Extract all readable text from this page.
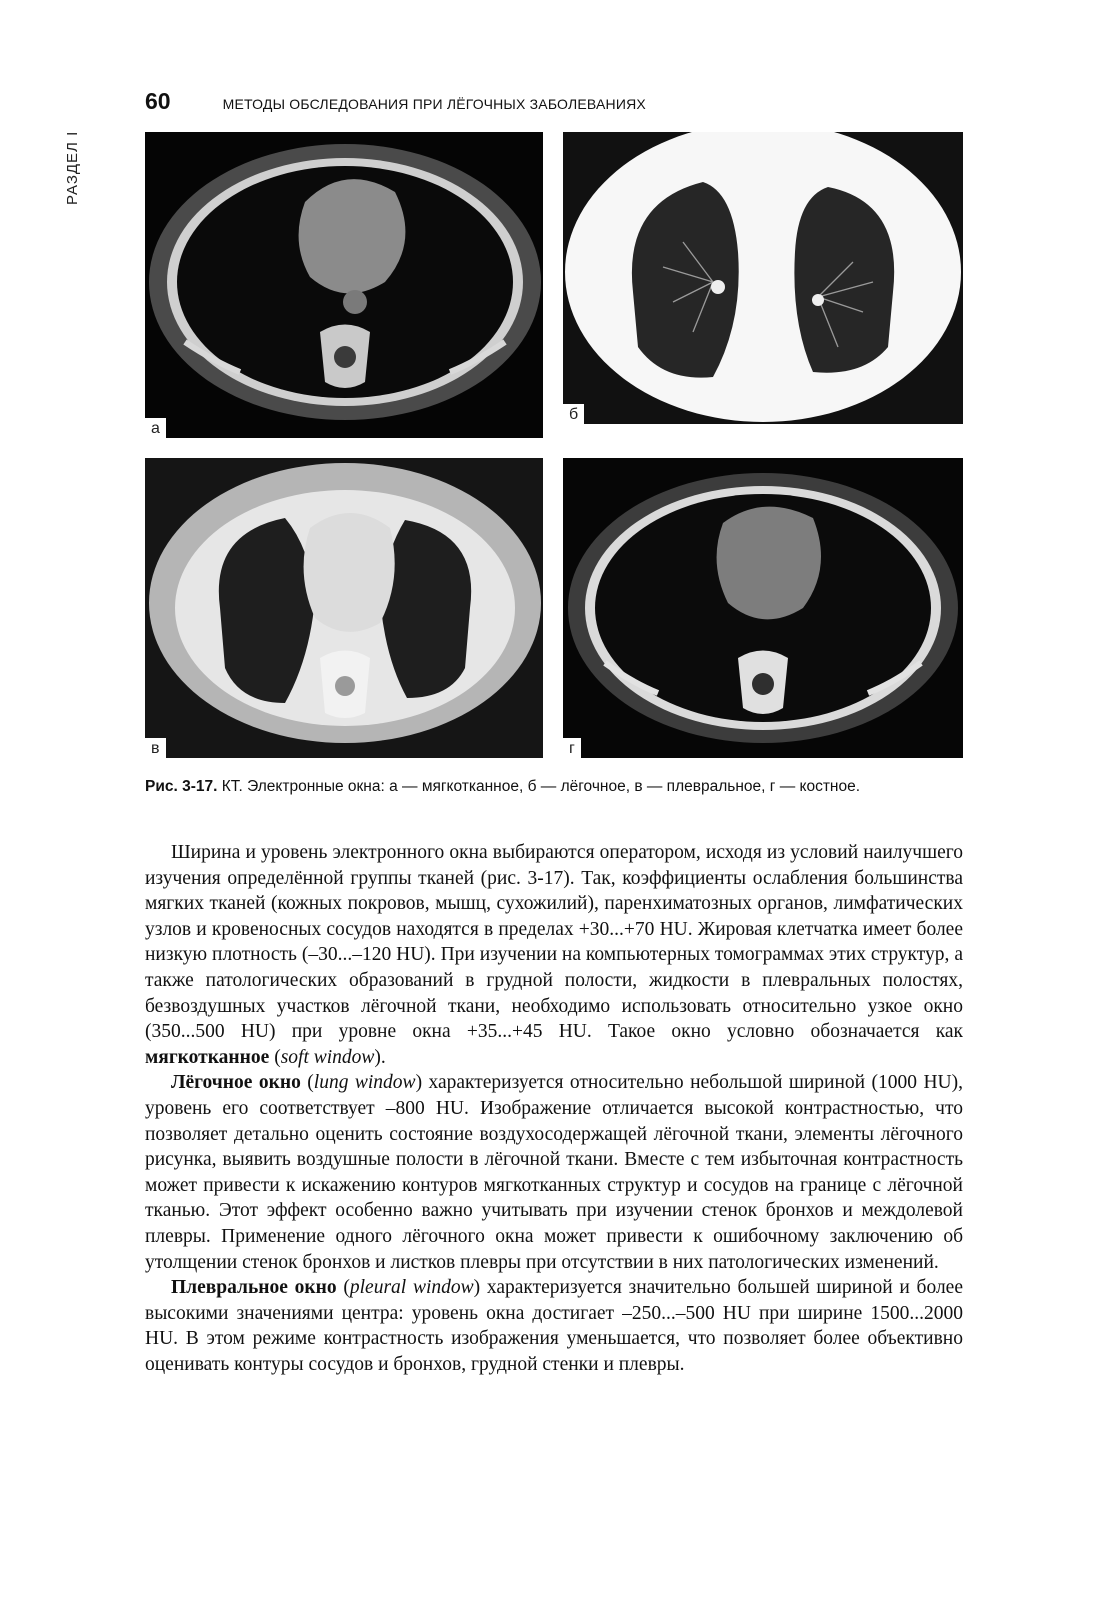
РАЗДЕЛ I
60	МЕТОДЫ ОБСЛЕДОВАНИЯ ПРИ ЛЁГОЧНЫХ ЗАБОЛЕВАНИЯХ
а
б
в	г
Рис. 3-17. КТ. Электронные окна: а — мягкотканное, б — лёгочное, в — плевральное, г — костное.

Ширина и уровень электронного окна выбираются оператором, исходя из условий наилучшего изучения определённой группы тканей (рис. 3-17). Так, коэффициенты ослабления большинства мягких тканей (кожных покровов, мышц, сухожилий), паренхиматозных органов, лимфатических узлов и кровеносных сосудов находятся в пределах +30...+70 HU. Жировая клетчатка имеет более низкую плотность (–30...–120 HU). При изучении на компьютерных томограммах этих структур, а также патологических образований в грудной полости, жидкости в плевральных полостях, безвоздушных участков лёгочной ткани, необходимо использовать относительно узкое окно (350...500 HU) при уровне окна +35...+45 HU. Такое окно условно обозначается как мягкотканное (soft window).

Лёгочное окно (lung window) характеризуется относительно небольшой шириной (1000 HU), уровень его соответствует –800 HU. Изображение отличается высокой контрастностью, что позволяет детально оценить состояние воздухосодержащей лёгочной ткани, элементы лёгочного рисунка, выявить воздушные полости в лёгочной ткани. Вместе с тем избыточная контрастность может привести к искажению контуров мягкотканных структур и сосудов на границе с лёгочной тканью. Этот эффект особенно важно учитывать при изучении стенок бронхов и междолевой плевры. Применение одного лёгочного окна может привести к ошибочному заключению об утолщении стенок бронхов и листков плевры при отсутствии в них патологических изменений.

Плевральное окно (pleural window) характеризуется значительно большей шириной и более высокими значениями центра: уровень окна достигает –250...–500 HU при ширине 1500...2000 HU. В этом режиме контрастность изображения уменьшается, что позволяет более объективно оценивать контуры сосудов и бронхов, грудной стенки и плевры.
